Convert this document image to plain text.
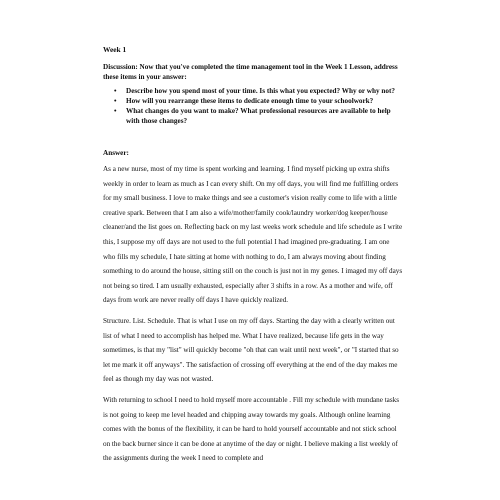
Week 1
Discussion: Now that you've completed the time management tool in the Week 1 Lesson, address these items in your answer:
• Describe how you spend most of your time. Is this what you expected? Why or why not?
• How will you rearrange these items to dedicate enough time to your schoolwork?
• What changes do you want to make? What professional resources are available to help with those changes?
Answer:

As a new nurse, most of my time is spent working and learning. I find myself picking up extra shifts weekly in order to learn as much as I can every shift. On my off days, you will find me fulfilling orders for my small business. I love to make things and see a customer's vision really come to life with a little creative spark. Between that I am also a wife/mother/family cook/laundry worker/dog keeper/house cleaner/and the list goes on. Reflecting back on my last weeks work schedule and life schedule as I write this, I suppose my off days are not used to the full potential I had imagined pre-graduating. I am one who fills my schedule, I hate sitting at home with nothing to do, I am always moving about finding something to do around the house, sitting still on the couch is just not in my genes. I imaged my off days not being so tired. I am usually exhausted, especially after 3 shifts in a row. As a mother and wife, off days from work are never really off days I have quickly realized.

Structure. List. Schedule. That is what I use on my off days. Starting the day with a clearly written out list of what I need to accomplish has helped me. What I have realized, because life gets in the way sometimes, is that my "list" will quickly become "oh that can wait until next week", or "I started that so let me mark it off anyways". The satisfaction of crossing off everything at the end of the day makes me feel as though my day was not wasted.

With returning to school I need to hold myself more accountable . Fill my schedule with mundane tasks is not going to keep me level headed and chipping away towards my goals. Although online learning comes with the bonus of the flexibility, it can be hard to hold yourself accountable and not stick school on the back burner since it can be done at anytime of the day or night. I believe making a list weekly of the assignments during the week I need to complete and
